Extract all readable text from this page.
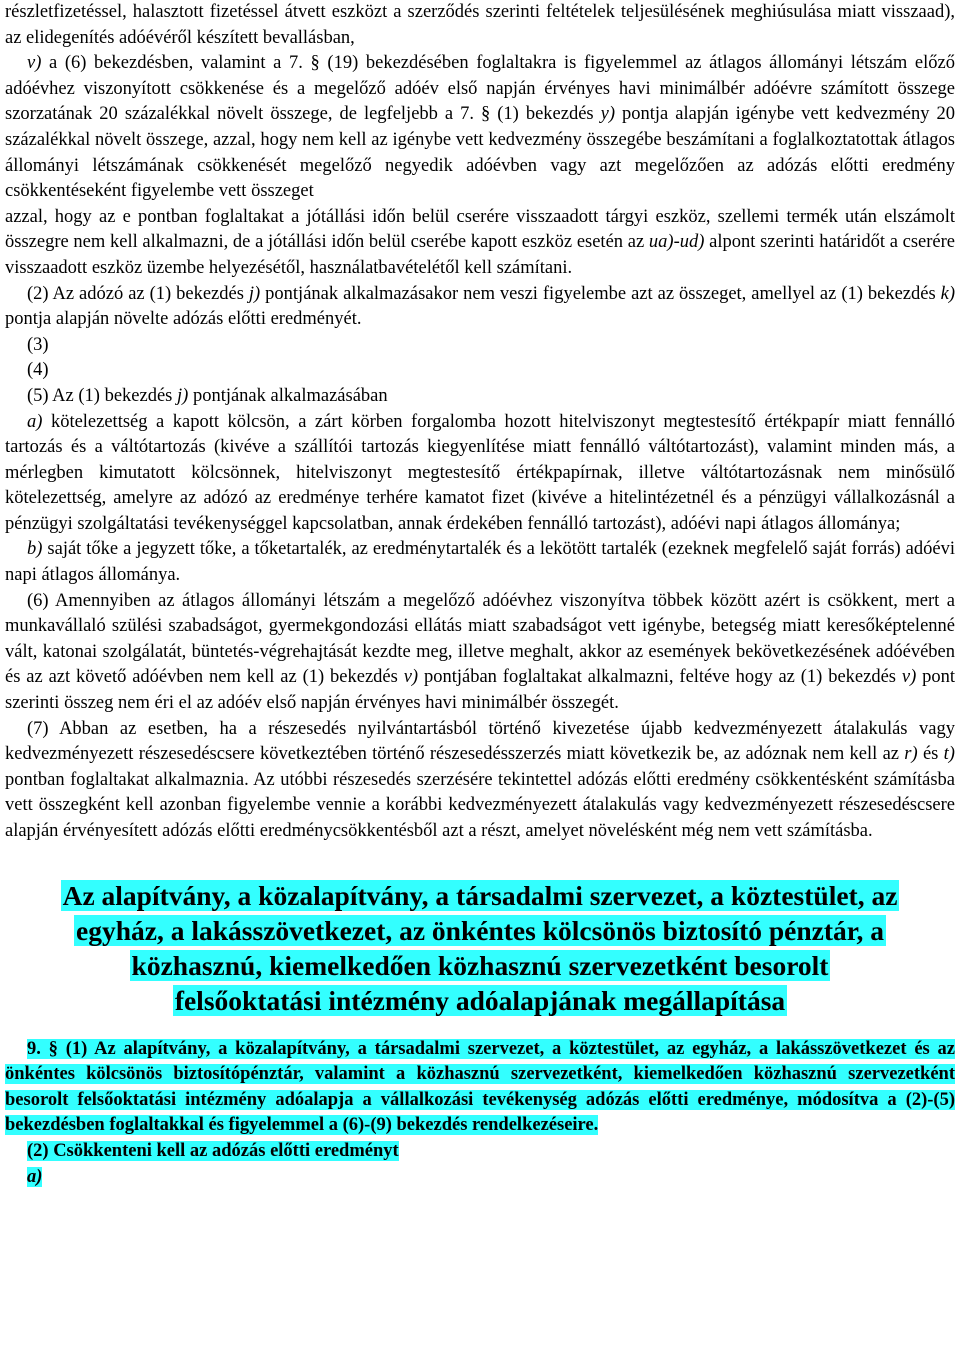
részletfizetéssel, halasztott fizetéssel átvett eszközt a szerződés szerinti feltételek teljesülésének meghiúsulása miatt visszaad), az elidegenítés adóévéről készített bevallásban,

v) a (6) bekezdésben, valamint a 7. § (19) bekezdésében foglaltakra is figyelemmel az átlagos állományi létszám előző adóévhez viszonyított csökkenése és a megelőző adóév első napján érvényes havi minimálbér adóévre számított összege szorzatának 20 százalékkal növelt összege, de legfeljebb a 7. § (1) bekezdés y) pontja alapján igénybe vett kedvezmény 20 százalékkal növelt összege, azzal, hogy nem kell az igénybe vett kedvezmény összegébe beszámítani a foglalkoztatottak átlagos állományi létszámának csökkenését megelőző negyedik adóévben vagy azt megelőzően az adózás előtti eredmény csökkentéseként figyelembe vett összeget

azzal, hogy az e pontban foglaltakat a jótállási időn belül cserére visszaadott tárgyi eszköz, szellemi termék után elszámolt összegre nem kell alkalmazni, de a jótállási időn belül cserébe kapott eszköz esetén az ua)-ud) alpont szerinti határidőt a cserére visszaadott eszköz üzembe helyezésétől, használatbavételétől kell számítani.

(2) Az adózó az (1) bekezdés j) pontjának alkalmazásakor nem veszi figyelembe azt az összeget, amellyel az (1) bekezdés k) pontja alapján növelte adózás előtti eredményét.

(3)

(4)

(5) Az (1) bekezdés j) pontjának alkalmazásában

a) kötelezettség a kapott kölcsön, a zárt körben forgalomba hozott hitelviszonyt megtestesítő értékpapír miatt fennálló tartozás és a váltótartozás (kivéve a szállítói tartozás kiegyenlítése miatt fennálló váltótartozást), valamint minden más, a mérlegben kimutatott kölcsönnek, hitelviszonyt megtestesítő értékpapírnak, illetve váltótartozásnak nem minősülő kötelezettség, amelyre az adózó az eredménye terhére kamatot fizet (kivéve a hitelintézetnél és a pénzügyi vállalkozásnál a pénzügyi szolgáltatási tevékenységgel kapcsolatban, annak érdekében fennálló tartozást), adóévi napi átlagos állománya;

b) saját tőke a jegyzett tőke, a tőketartalék, az eredménytartalék és a lekötött tartalék (ezeknek megfelelő saját forrás) adóévi napi átlagos állománya.

(6) Amennyiben az átlagos állományi létszám a megelőző adóévhez viszonyítva többek között azért is csökkent, mert a munkavállaló szülési szabadságot, gyermekgondozási ellátás miatt szabadságot vett igénybe, betegség miatt keresőképtelenné vált, katonai szolgálatát, büntetés-végrehajtását kezdte meg, illetve meghalt, akkor az események bekövetkezésének adóévében és az azt követő adóévben nem kell az (1) bekezdés v) pontjában foglaltakat alkalmazni, feltéve hogy az (1) bekezdés v) pont szerinti összeg nem éri el az adóév első napján érvényes havi minimálbér összegét.

(7) Abban az esetben, ha a részesedés nyilvántartásból történő kivezetése újabb kedvezményezett átalakulás vagy kedvezményezett részesedéscsere következtében történő részesedésszerzés miatt következik be, az adóznak nem kell az r) és t) pontban foglaltakat alkalmaznia. Az utóbbi részesedés szerzésére tekintettel adózás előtti eredmény csökkentésként számításba vett összegként kell azonban figyelembe vennie a korábbi kedvezményezett átalakulás vagy kedvezményezett részesedéscsere alapján érvényesített adózás előtti eredménycsökkentésből azt a részt, amelyet növelésként még nem vett számításba.

Az alapítvány, a közalapítvány, a társadalmi szervezet, a köztestület, az
egyház, a lakásszövetkezet, az önkéntes kölcsönös biztosító pénztár, a
közhasznú, kiemelkedően közhasznú szervezetként besorolt
felsőoktatási intézmény adóalapjának megállapítása

9. § (1) Az alapítvány, a közalapítvány, a társadalmi szervezet, a köztestület, az egyház, a lakásszövetkezet és az önkéntes kölcsönös biztosítópénztár, valamint a közhasznú szervezetként, kiemelkedően közhasznú szervezetként besorolt felsőoktatási intézmény adóalapja a vállalkozási tevékenység adózás előtti eredménye, módosítva a (2)-(5) bekezdésben foglaltakkal és figyelemmel a (6)-(9) bekezdés rendelkezéseire.

(2) Csökkenteni kell az adózás előtti eredményt

a)
